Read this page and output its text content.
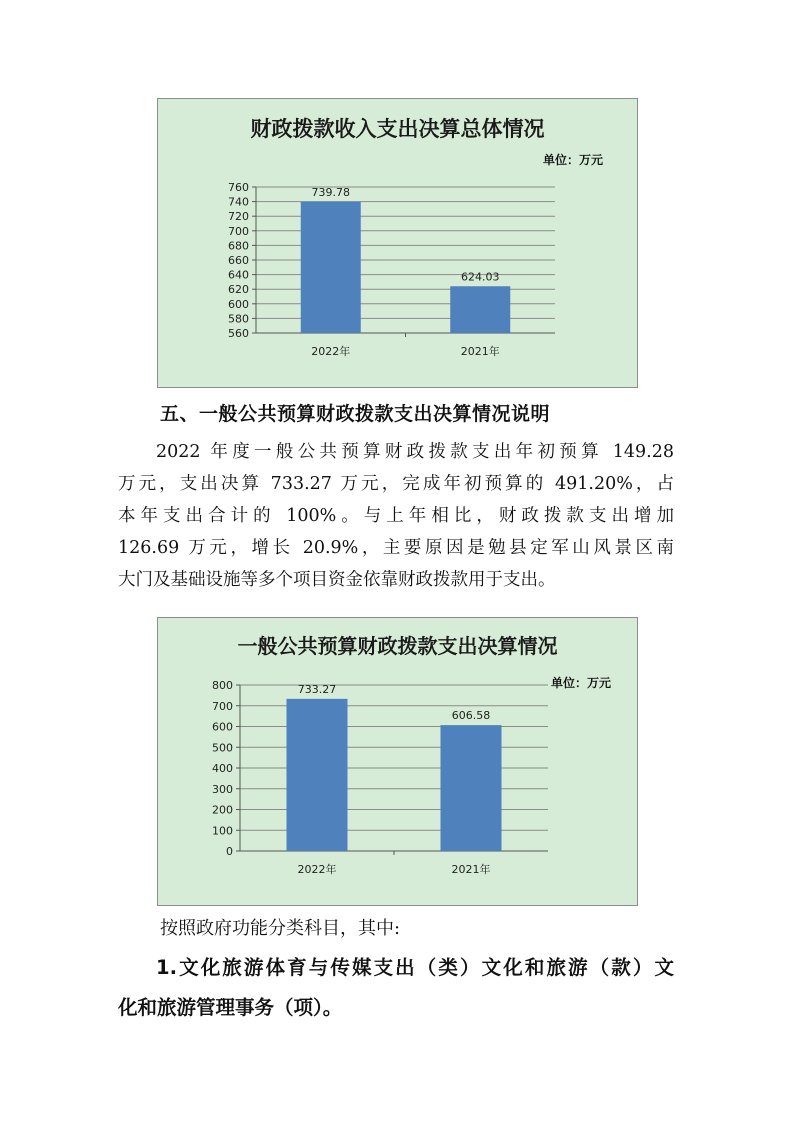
财政拨款收入支出决算总体情况
单位：万元
560
580
600
620
640
660
680
700
720
740
760	739.78
2022年
624.03
2021年
五、一般公共预算财政拨款支出决算情况说明
2022 年度一般公共预算财政拨款支出年初预算 149.28
万元，支出决算 733.27 万元，完成年初预算的 491.20%，占
本年支出合计的 100%。与上年相比，财政拨款支出增加
126.69 万元，增长 20.9%，主要原因是勉县定军山风景区南
大门及基础设施等多个项目资金依靠财政拨款用于支出。
一般公共预算财政拨款支出决算情况
单位：万元
0
100
200
300
400
500
600
700
800	733.27
2022年
606.58
2021年
按照政府功能分类科目，其中:
1.文化旅游体育与传媒支出（类）文化和旅游（款）文
化和旅游管理事务（项）。
